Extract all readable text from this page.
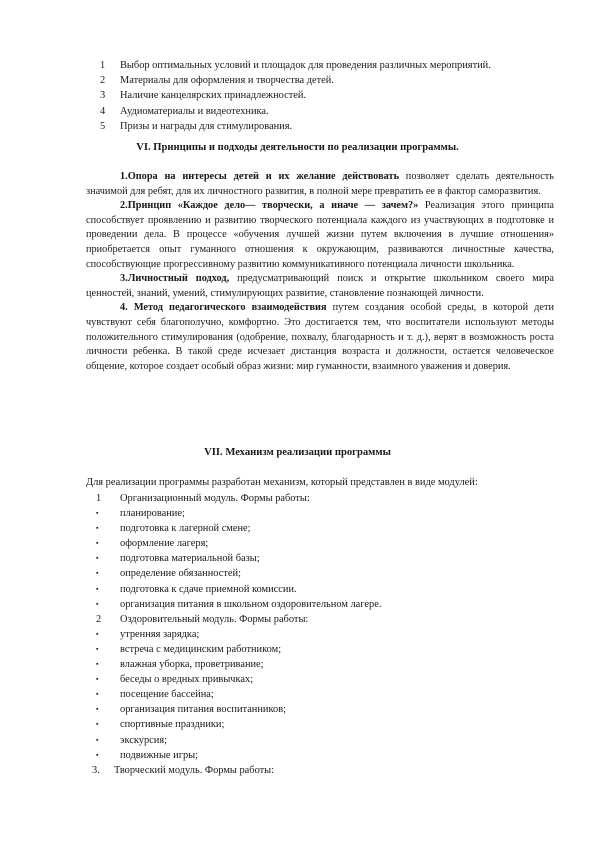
1 Выбор оптимальных условий и площадок для проведения различных мероприятий.
2 Материалы для оформления и творчества детей.
3 Наличие канцелярских принадлежностей.
4 Аудиоматериалы и видеотехника.
5 Призы и награды для стимулирования.
VI. Принципы и подходы деятельности по реализации программы.

1.Опора на интересы детей и их желание действовать позволяет сделать деятельность значимой для ребят, для их личностного развития, в полной мере превратить ее в фактор саморазвития.

2.Принцип «Каждое дело— творчески, а иначе — зачем?» Реализация этого принципа способствует проявлению и развитию творческого потенциала каждого из участвующих в подготовке и проведении дела. В процессе «обучения лучшей жизни путем включения в лучшие отношения» приобретается опыт гуманного отношения к окружающим, развиваются личностные качества, способствующие прогрессивному развитию коммуникативного потенциала личности школьника.

3.Личностный подход, предусматривающий поиск и открытие школьником своего мира ценностей, знаний, умений, стимулирующих развитие, становление познающей личности.

4. Метод педагогического взаимодействия путем создания особой среды, в которой дети чувствуют себя благополучно, комфортно. Это достигается тем, что воспитатели используют методы положительного стимулирования (одобрение, похвалу, благодарность и т. д.), верят в возможность роста личности ребенка. В такой среде исчезает дистанция возраста и должности, остается человеческое общение, которое создает особый образ жизни: мир гуманности, взаимного уважения и доверия.

VII. Механизм реализации программы
Для реализации программы разработан механизм, который представлен в виде модулей:
1 Организационный модуль. Формы работы:
▪ планирование;
▪ подготовка к лагерной смене;
▪ оформление лагеря;
▪ подготовка материальной базы;
▪ определение обязанностей;
▪ подготовка к сдаче приемной комиссии.
▪ организация питания в школьном оздоровительном лагере.
2 Оздоровительный модуль. Формы работы:
▪ утренняя зарядка;
▪ встреча с медицинским работником;
▪ влажная уборка, проветривание;
▪ беседы о вредных привычках;
▪ посещение бассейна;
▪ организация питания воспитанников;
▪ спортивные праздники;
▪ экскурсия;
▪ подвижные игры;
3. Творческий модуль. Формы работы:
